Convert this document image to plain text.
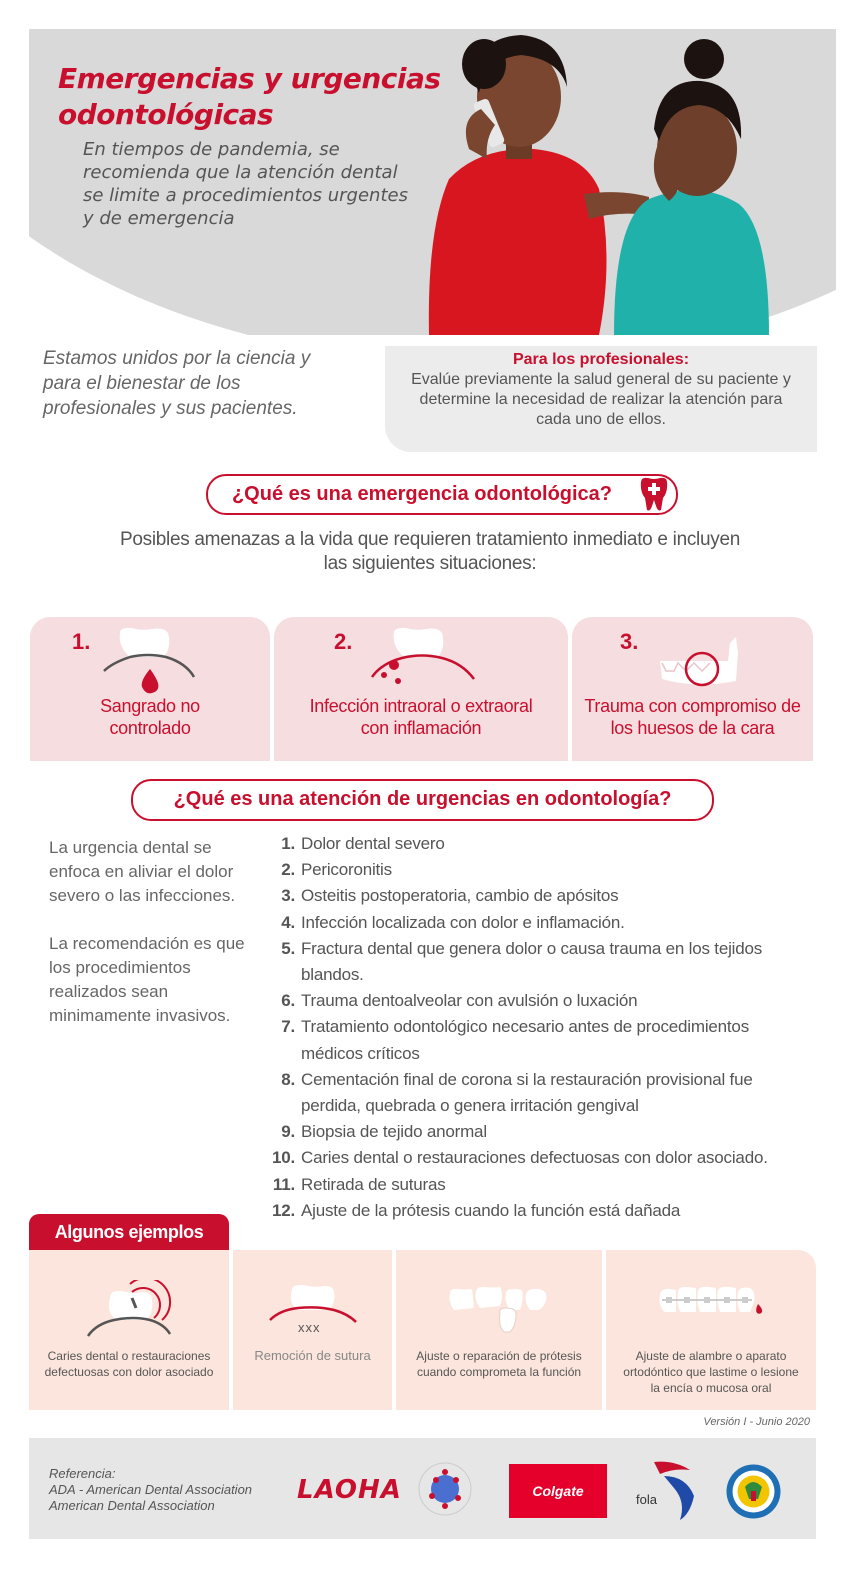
Emergencias y urgencias odontológicas

En tiempos de pandemia, se recomienda que la atención dental se limite a procedimientos urgentes y de emergencia

Estamos unidos por la ciencia y para el bienestar de los profesionales y sus pacientes.

Para los profesionales:
Evalúe previamente la salud general de su paciente y determine la necesidad de realizar la atención para cada uno de ellos.
¿Qué es una emergencia odontológica?

Posibles amenazas a la vida que requieren tratamiento inmediato e incluyen las siguientes situaciones:

1.
Sangrado no controlado
2.
Infección intraoral o extraoral con inflamación
3.
Trauma con compromiso de los huesos de la cara
¿Qué es una atención de urgencias en odontología?

La urgencia dental se enfoca en aliviar el dolor severo o las infecciones.

La recomendación es que los procedimientos realizados sean minimamente invasivos.

1. Dolor dental severo
2. Pericoronitis
3. Osteitis postoperatoria, cambio de apósitos
4. Infección localizada con dolor e inflamación.
5. Fractura dental que genera dolor o causa trauma en los tejidos blandos.
6. Trauma dentoalveolar con avulsión o luxación
7. Tratamiento odontológico necesario antes de procedimientos médicos críticos
8. Cementación final de corona si la restauración provisional fue perdida, quebrada o genera irritación gengival
9. Biopsia de tejido anormal
10. Caries dental o restauraciones defectuosas con dolor asociado.
11. Retirada de suturas
12. Ajuste de la prótesis cuando la función está dañada
Algunos ejemplos
Caries dental o restauraciones defectuosas con dolor asociado
xxx
Remoción de sutura	Ajuste o reparación de prótesis cuando comprometa la función
Ajuste de alambre o aparato ortodóntico que lastime o lesione la encía o mucosa oral
Versión I - Junio 2020
Referencia:
ADA - American Dental Association
American Dental Association
LAOHA	Colgate
fola
